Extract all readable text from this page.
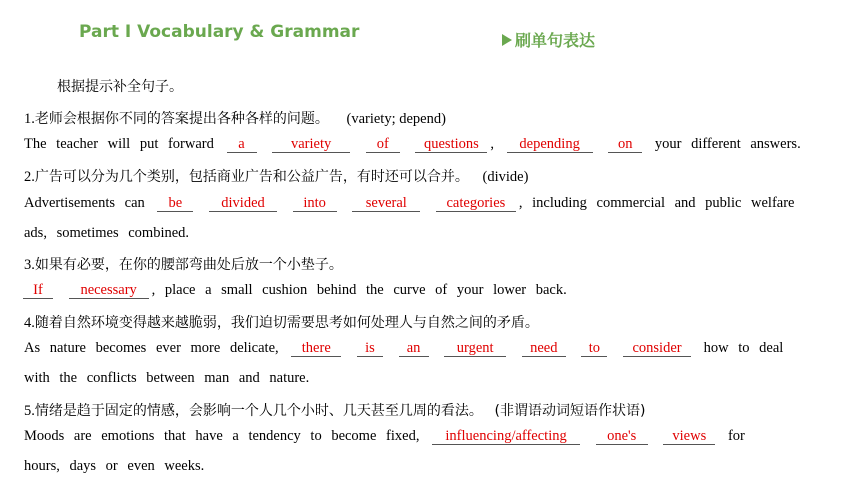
Part Ⅰ Vocabulary & Grammar	刷单句表达
根据提示补全句子。
1.老师会根据你不同的答案提出各种各样的问题。 (variety; depend)
The teacher will put forward a	variety	of questions , depending	on your different answers.
2.广告可以分为几个类别，包括商业广告和公益广告，有时还可以合并。 (divide)
Advertisements can be	divided	into	several	categories , including commercial and public welfare
ads, sometimes combined.
3.如果有必要，在你的腰部弯曲处后放一个小垫子。
If	necessary , place a small cushion behind the curve of your lower back.
4.随着自然环境变得越来越脆弱，我们迫切需要思考如何处理人与自然之间的矛盾。
As nature becomes ever more delicate, there is an	urgent	need to consider how to deal
with the conflicts between man and nature.
5.情绪是趋于固定的情感，会影响一个人几个小时、几天甚至几周的看法。 (非谓语动词短语作状语)
Moods are emotions that have a tendency to become fixed, influencing/affecting	one's views for
hours, days or even weeks.
